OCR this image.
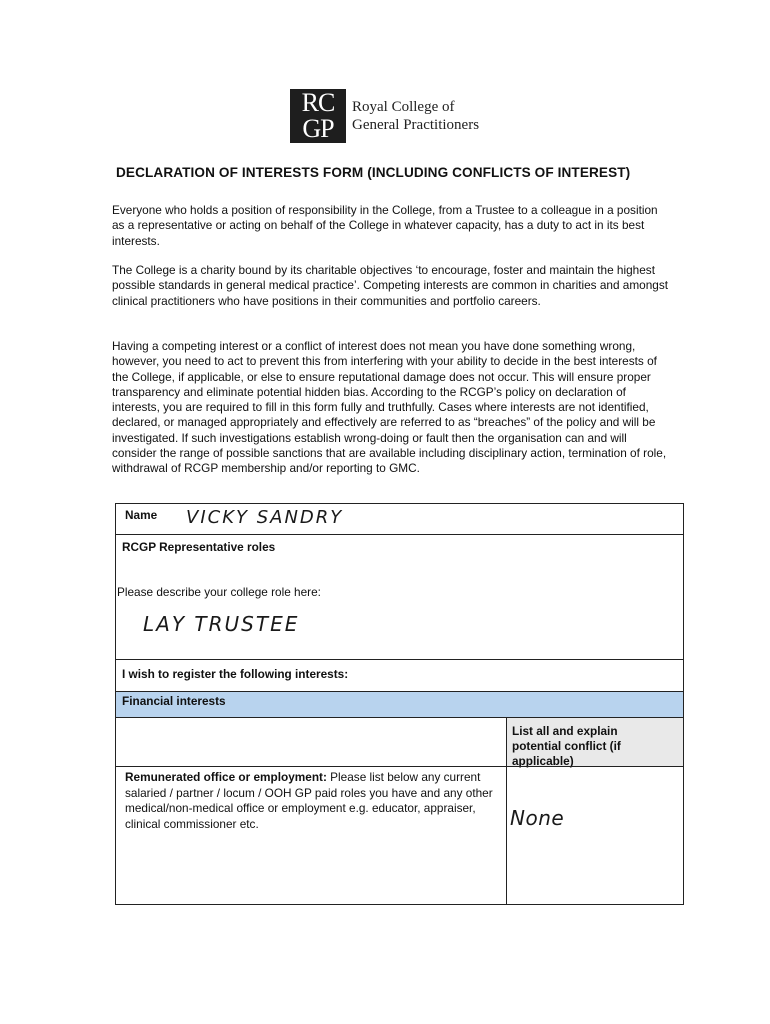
RC
GP
Royal College of
General Practitioners
DECLARATION OF INTERESTS FORM (INCLUDING CONFLICTS OF INTEREST)
Everyone who holds a position of responsibility in the College, from a Trustee to a colleague in a position as a representative or acting on behalf of the College in whatever capacity, has a duty to act in its best interests.
The College is a charity bound by its charitable objectives ‘to encourage, foster and maintain the highest possible standards in general medical practice’. Competing interests are common in charities and amongst clinical practitioners who have positions in their communities and portfolio careers.
Having a competing interest or a conflict of interest does not mean you have done something wrong, however, you need to act to prevent this from interfering with your ability to decide in the best interests of the College, if applicable, or else to ensure reputational damage does not occur. This will ensure proper transparency and eliminate potential hidden bias. According to the RCGP’s policy on declaration of interests, you are required to fill in this form fully and truthfully. Cases where interests are not identified, declared, or managed appropriately and effectively are referred to as “breaches” of the policy and will be investigated. If such investigations establish wrong-doing or fault then the organisation can and will consider the range of possible sanctions that are available including disciplinary action, termination of role, withdrawal of RCGP membership and/or reporting to GMC.
Name VICKY SANDRY
RCGP Representative roles
Please describe your college role here:
LAY TRUSTEE
I wish to register the following interests:
Financial interests
List all and explain potential conflict (if applicable)
Remunerated office or employment: Please list below any current salaried / partner / locum / OOH GP paid roles you have and any other medical/non-medical office or employment e.g. educator, appraiser, clinical commissioner etc.	None
